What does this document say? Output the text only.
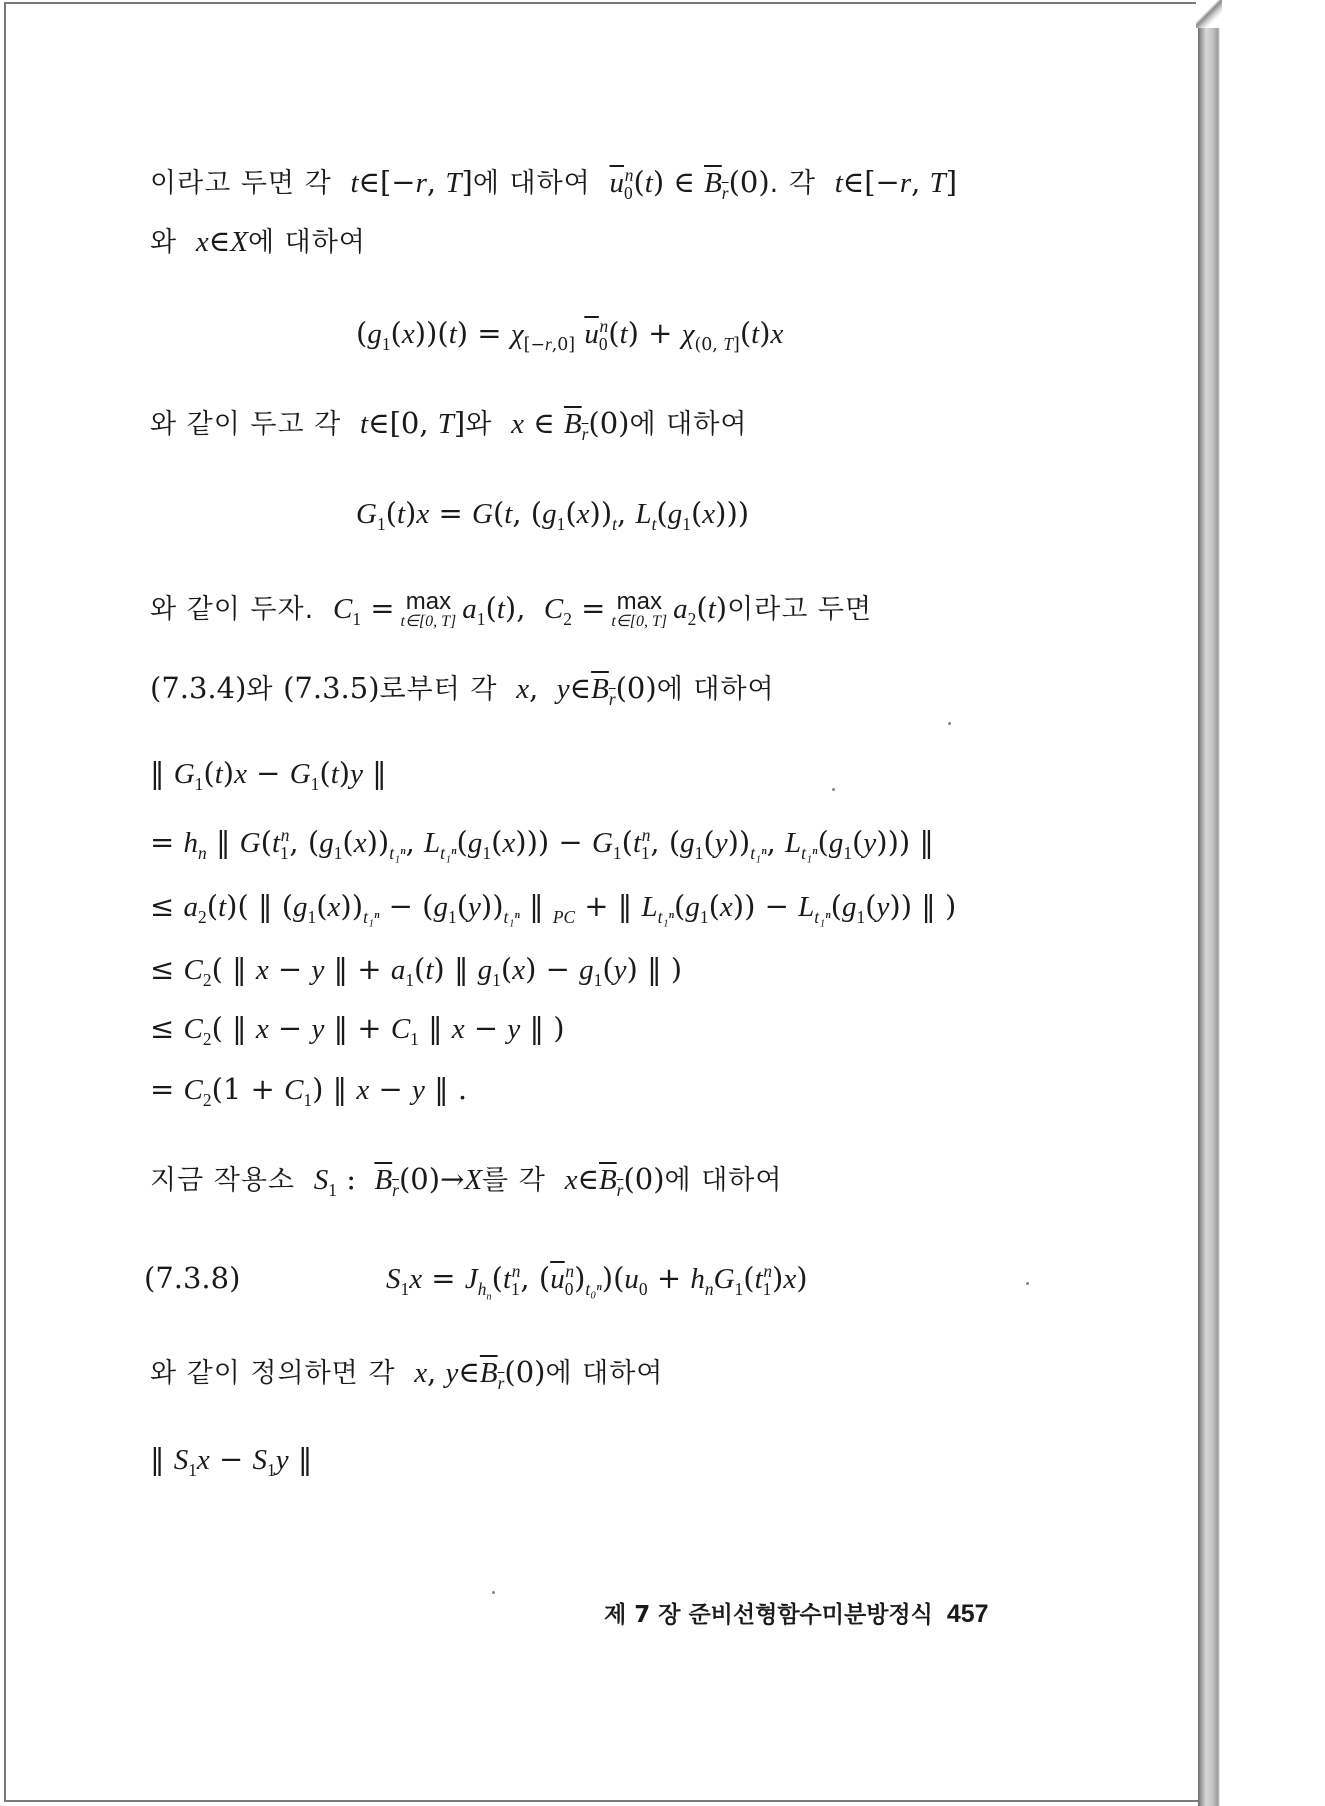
이라고 두면 각  t∈[−r, T]에 대하여  $\overline{u}_0^n(t)$ ∈ $\overline{B}_{\overline{r}}(0)$. 각  t∈[−r, T]
와  x∈X에 대하여
$(g_1(x))(t) = \chi_{[-r,0]}$ $\overline{u}_0^n(t) + \chi_{(0, T]}(t)x$
와 같이 두고 각  t∈[0, T]와  x ∈ $\overline{B}_{\overline{r}}(0)$에 대하여
$G_1(t)x = G(t$, $(g_1(x))_t$, $L_t(g_1(x))$)
와 같이 두자.  $C_1 = \max$
t∈[0, T] $a_1(t)$,  $C_2 = \max$
t∈[0, T] $a_2(t)$이라고 두면
(7.3.4)와 (7.3.5)로부터 각  x,  $y\in\overline{B}_{\overline{r}}(0)$에 대하여
‖ $G_1(t)x - G_1(t)y$ ‖
= $h_n$ ‖ $G(t_1^n$, $(g_1(x))_{t_1^n}$, $L_{t_1^n}(g_1(x))) - G_1(t_1^n$, $(g_1(y))_{t_1^n}$, $L_{t_1^n}(g_1(y))$) ‖
≤ $a_2(t)$( ‖ $(g_1(x))_{t_1^n} - (g_1(y))_{t_1^n}$ ‖ $_{PC}$ + ‖ $L_{t_1^n}(g_1(x)) - L_{t_1^n}(g_1(y))$ ‖ )
≤ $C_2$( ‖ x − y ‖ + $a_1(t)$ ‖ $g_1(x) - g_1(y)$ ‖ )
≤ $C_2$( ‖ x − y ‖ + $C_1$ ‖ x − y ‖ )
= $C_2(1 + C_1)$ ‖ x − y ‖ .
지금 작용소  $S_1$ :  $\overline{B}_{\overline{r}}(0)\to X$를 각  $x\in\overline{B}_{\overline{r}}(0)$에 대하여
(7.3.8)	$S_1x = J_{h_n}(t_1^n$, $(\overline{u}_0^n)_{t_0^n})(u_0 + h_nG_1(t_1^n)x)$
와 같이 정의하면 각  x, $y\in\overline{B}_{\overline{r}}(0)$에 대하여
‖ $S_1x - S_1y$ ‖
제 7 장 준비선형함수미분방정식 457
